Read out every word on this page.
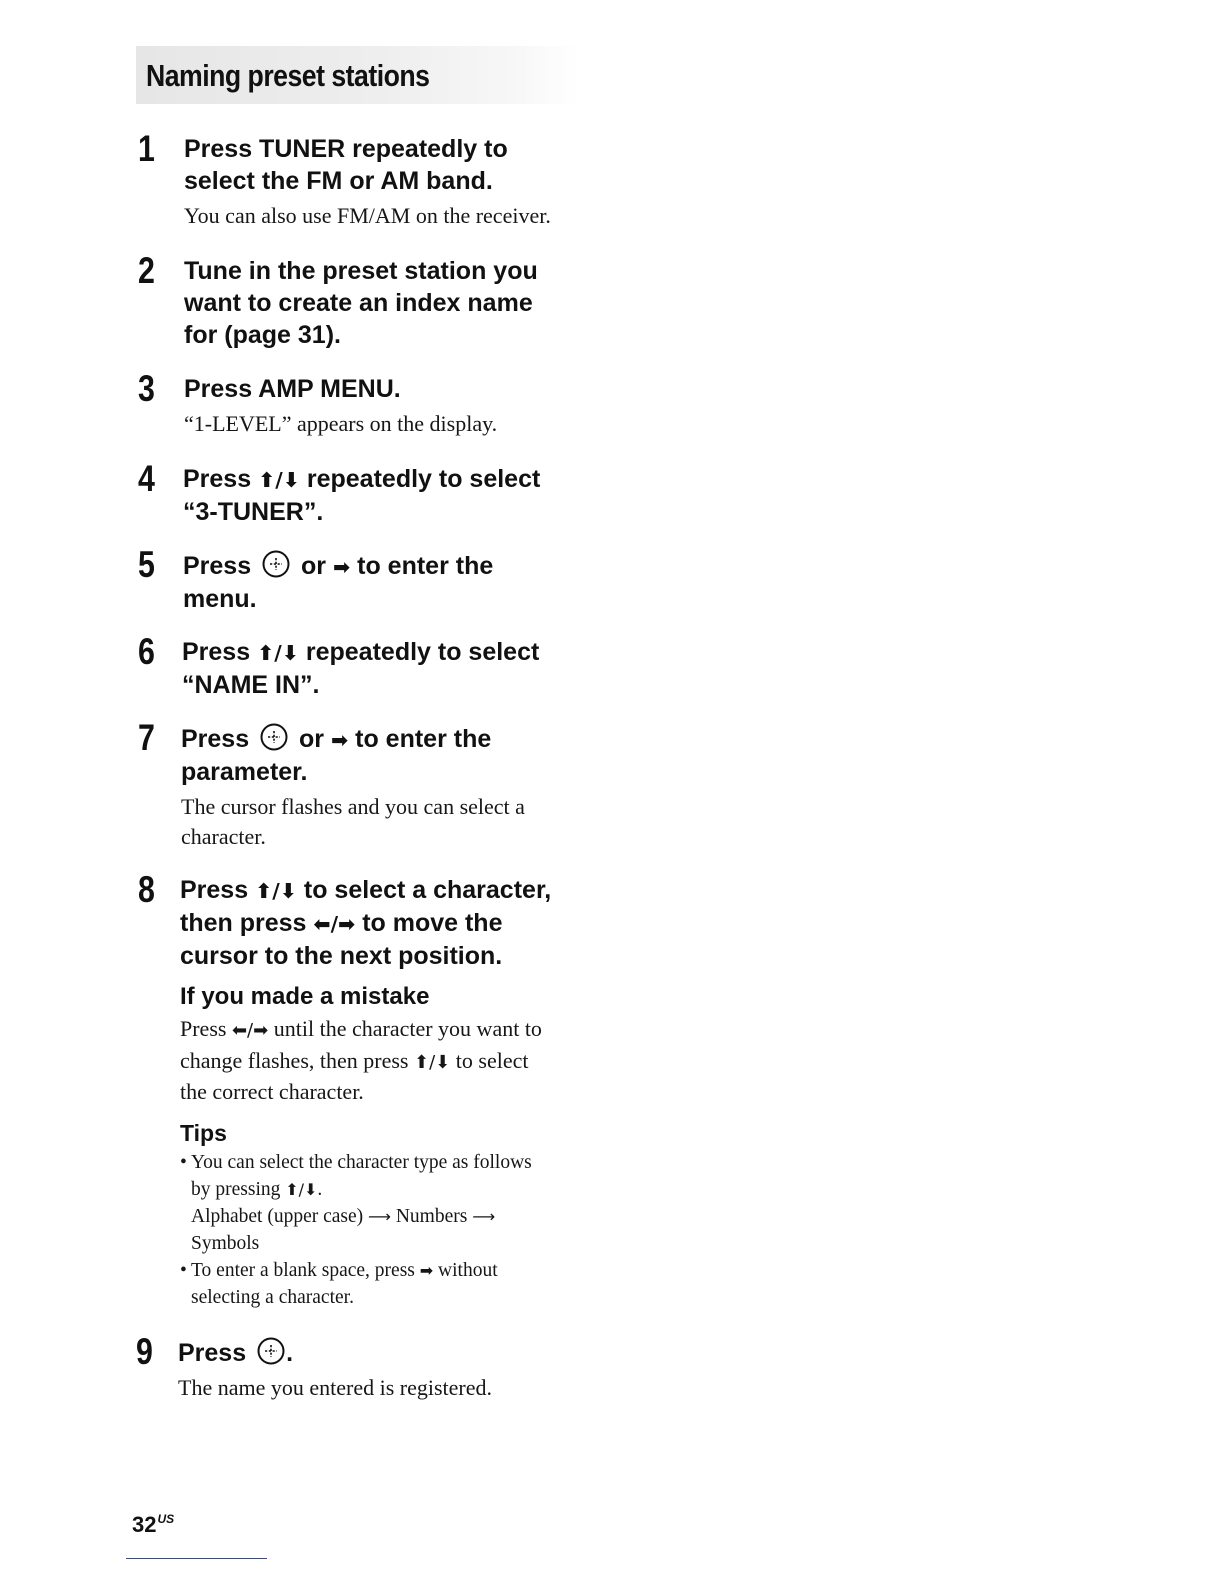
Naming preset stations
1	Press TUNER repeatedly to
select the FM or AM band.

You can also use FM/AM on the receiver.

2	Tune in the preset station you
want to create an index name
for (page 31).

3	Press AMP MENU.

“1-LEVEL” appears on the display.

4	Press ⬆/⬇ repeatedly to select
“3-TUNER”.

5	Press or ➡ to enter the
menu.

6	Press ⬆/⬇ repeatedly to select
“NAME IN”.

7	Press or ➡ to enter the
parameter.

The cursor flashes and you can select a
character.

8	Press ⬆/⬇ to select a character,
then press ⬅/➡ to move the
cursor to the next position.

If you made a mistake

Press ⬅/➡ until the character you want to
change flashes, then press ⬆/⬇ to select
the correct character.

Tips

• You can select the character type as follows
by pressing ⬆/⬇.
Alphabet (upper case) ⟶ Numbers ⟶
Symbols
• To enter a blank space, press ➡ without
selecting a character.
9	Press .

The name you entered is registered.

$32^{US}$
